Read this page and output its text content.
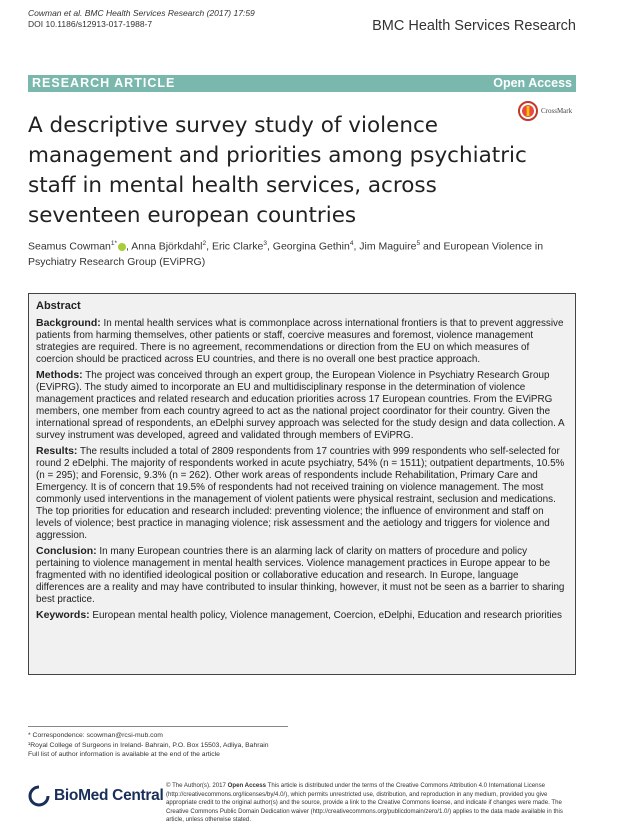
Cowman et al. BMC Health Services Research (2017) 17:59
DOI 10.1186/s12913-017-1988-7	BMC Health Services Research
RESEARCH ARTICLE	Open Access
CrossMark
A descriptive survey study of violence management and priorities among psychiatric staff in mental health services, across seventeen european countries
Seamus Cowman$^{1*}$ , Anna Björkdahl$^2$, Eric Clarke$^3$, Georgina Gethin$^4$, Jim Maguire$^5$ and European Violence in Psychiatry Research Group (EViPRG)
Abstract

Background: In mental health services what is commonplace across international frontiers is that to prevent aggressive patients from harming themselves, other patients or staff, coercive measures and foremost, violence management strategies are required. There is no agreement, recommendations or direction from the EU on which measures of coercion should be practiced across EU countries, and there is no overall one best practice approach.

Methods: The project was conceived through an expert group, the European Violence in Psychiatry Research Group (EViPRG). The study aimed to incorporate an EU and multidisciplinary response in the determination of violence management practices and related research and education priorities across 17 European countries. From the EViPRG members, one member from each country agreed to act as the national project coordinator for their country. Given the international spread of respondents, an eDelphi survey approach was selected for the study design and data collection. A survey instrument was developed, agreed and validated through members of EViPRG.

Results: The results included a total of 2809 respondents from 17 countries with 999 respondents who self-selected for round 2 eDelphi. The majority of respondents worked in acute psychiatry, 54% (n = 1511); outpatient departments, 10.5% (n = 295); and Forensic, 9.3% (n = 262). Other work areas of respondents include Rehabilitation, Primary Care and Emergency. It is of concern that 19.5% of respondents had not received training on violence management. The most commonly used interventions in the management of violent patients were physical restraint, seclusion and medications. The top priorities for education and research included: preventing violence; the influence of environment and staff on levels of violence; best practice in managing violence; risk assessment and the aetiology and triggers for violence and aggression.

Conclusion: In many European countries there is an alarming lack of clarity on matters of procedure and policy pertaining to violence management in mental health services. Violence management practices in Europe appear to be fragmented with no identified ideological position or collaborative education and research. In Europe, language differences are a reality and may have contributed to insular thinking, however, it must not be seen as a barrier to sharing best practice.

Keywords: European mental health policy, Violence management, Coercion, eDelphi, Education and research priorities

* Correspondence: scowman@rcsi-mub.com
¹Royal College of Surgeons in Ireland- Bahrain, P.O. Box 15503, Adliya, Bahrain
Full list of author information is available at the end of the article
BioMed Central
© The Author(s). 2017 Open Access This article is distributed under the terms of the Creative Commons Attribution 4.0 International License (http://creativecommons.org/licenses/by/4.0/), which permits unrestricted use, distribution, and reproduction in any medium, provided you give appropriate credit to the original author(s) and the source, provide a link to the Creative Commons license, and indicate if changes were made. The Creative Commons Public Domain Dedication waiver (http://creativecommons.org/publicdomain/zero/1.0/) applies to the data made available in this article, unless otherwise stated.
